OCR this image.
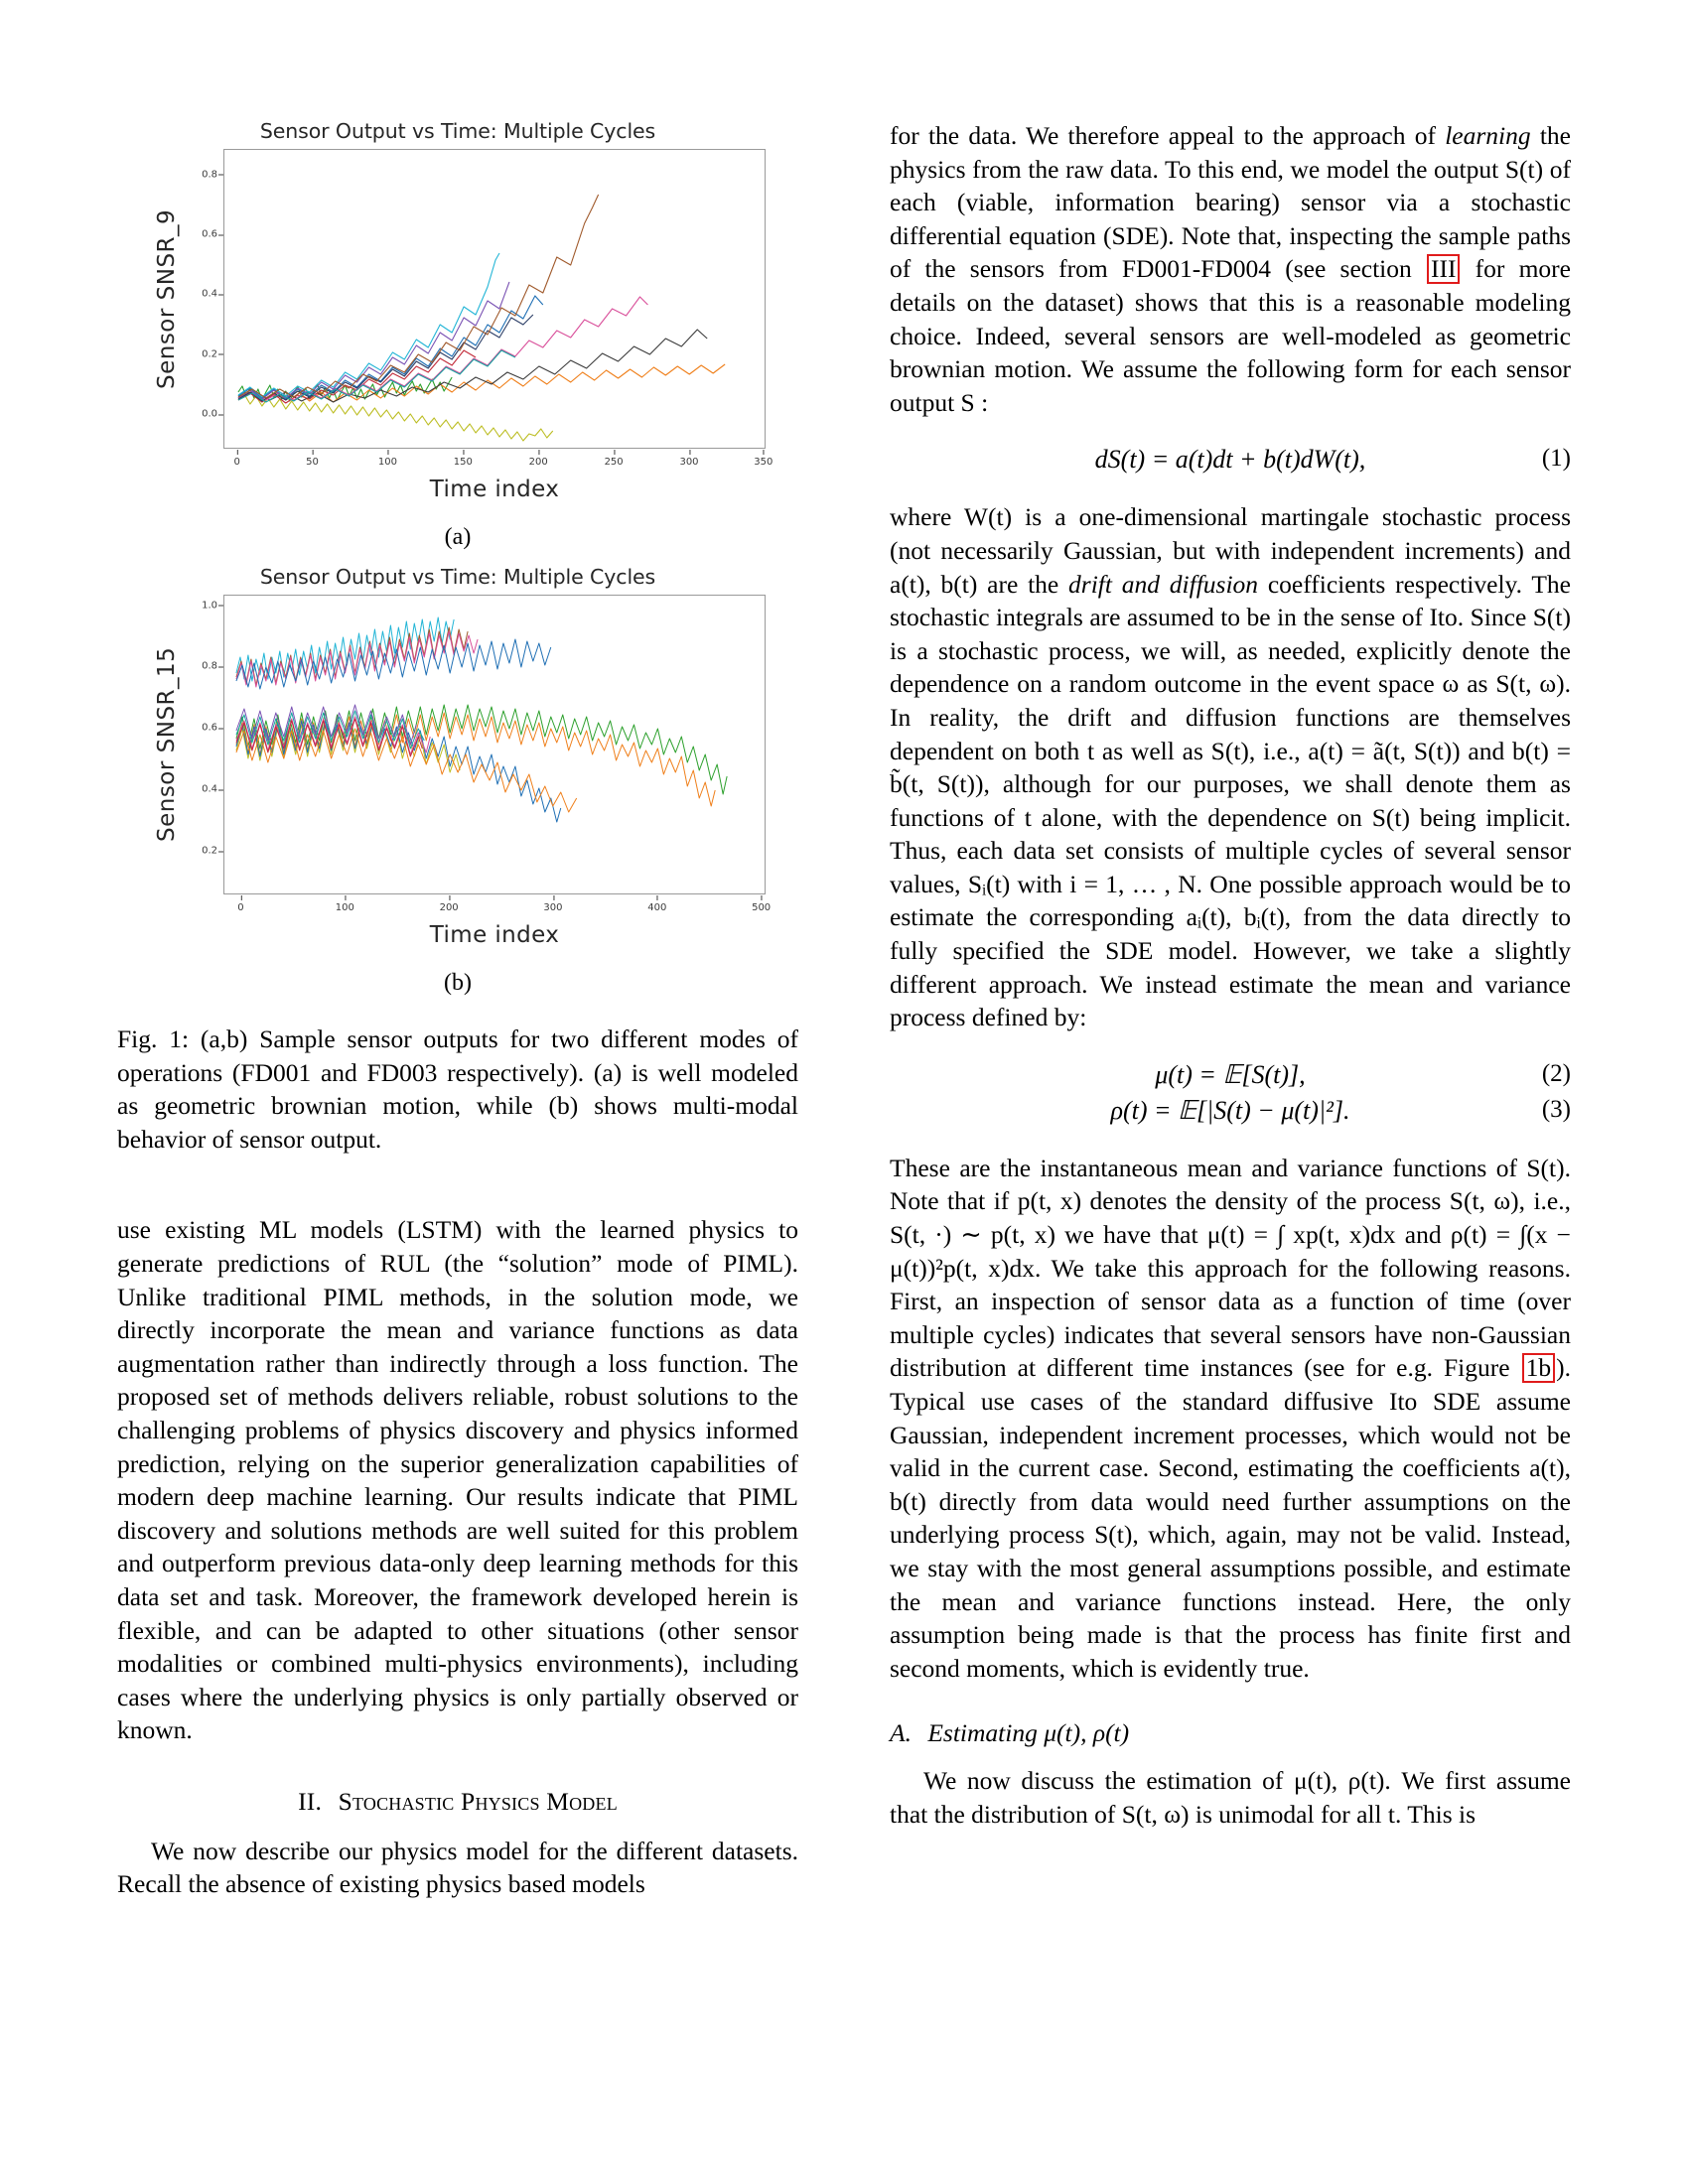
Sensor Output vs Time: Multiple Cycles
Sensor SNSR_9
0.0
0.2
0.4
0.6
0.8
0	50	100	150	200	250	300	350
Time index
(a)
Sensor Output vs Time: Multiple Cycles
Sensor SNSR_15
0.2
0.4
0.6
0.8
1.0
0	100	200	300	400	500
Time index
(b)
Fig. 1: (a,b) Sample sensor outputs for two different modes of operations (FD001 and FD003 respectively). (a) is well modeled as geometric brownian motion, while (b) shows multi-modal behavior of sensor output.

use existing ML models (LSTM) with the learned physics to generate predictions of RUL (the “solution” mode of PIML). Unlike traditional PIML methods, in the solution mode, we directly incorporate the mean and variance functions as data augmentation rather than indirectly through a loss function. The proposed set of methods delivers reliable, robust solutions to the challenging problems of physics discovery and physics informed prediction, relying on the superior generalization capabilities of modern deep machine learning. Our results indicate that PIML discovery and solutions methods are well suited for this problem and outperform previous data-only deep learning methods for this data set and task. Moreover, the framework developed herein is flexible, and can be adapted to other situations (other sensor modalities or combined multi-physics environments), including cases where the underlying physics is only partially observed or known.

II. Stochastic Physics Model

We now describe our physics model for the different datasets. Recall the absence of existing physics based models

for the data. We therefore appeal to the approach of learning the physics from the raw data. To this end, we model the output S(t) of each (viable, information bearing) sensor via a stochastic differential equation (SDE). Note that, inspecting the sample paths of the sensors from FD001-FD004 (see section III for more details on the dataset) shows that this is a reasonable modeling choice. Indeed, several sensors are well-modeled as geometric brownian motion. We assume the following form for each sensor output S :

dS(t) = a(t)dt + b(t)dW(t),	(1)

where W(t) is a one-dimensional martingale stochastic process (not necessarily Gaussian, but with independent increments) and a(t), b(t) are the drift and diffusion coefficients respectively. The stochastic integrals are assumed to be in the sense of Ito. Since S(t) is a stochastic process, we will, as needed, explicitly denote the dependence on a random outcome in the event space ω as S(t, ω). In reality, the drift and diffusion functions are themselves dependent on both t as well as S(t), i.e., a(t) = ã(t, S(t)) and b(t) = b̃(t, S(t)), although for our purposes, we shall denote them as functions of t alone, with the dependence on S(t) being implicit. Thus, each data set consists of multiple cycles of several sensor values, Sᵢ(t) with i = 1, … , N. One possible approach would be to estimate the corresponding aᵢ(t), bᵢ(t), from the data directly to fully specified the SDE model. However, we take a slightly different approach. We instead estimate the mean and variance process defined by:

μ(t) = 𝔼[S(t)],	(2)
ρ(t) = 𝔼[|S(t) − μ(t)|²].	(3)

These are the instantaneous mean and variance functions of S(t). Note that if p(t, x) denotes the density of the process S(t, ω), i.e., S(t, ·) ∼ p(t, x) we have that μ(t) = ∫ xp(t, x)dx and ρ(t) = ∫(x − μ(t))²p(t, x)dx. We take this approach for the following reasons. First, an inspection of sensor data as a function of time (over multiple cycles) indicates that several sensors have non-Gaussian distribution at different time instances (see for e.g. Figure 1b ). Typical use cases of the standard diffusive Ito SDE assume Gaussian, independent increment processes, which would not be valid in the current case. Second, estimating the coefficients a(t), b(t) directly from data would need further assumptions on the underlying process S(t), which, again, may not be valid. Instead, we stay with the most general assumptions possible, and estimate the mean and variance functions instead. Here, the only assumption being made is that the process has finite first and second moments, which is evidently true.

A. Estimating μ(t), ρ(t)

We now discuss the estimation of μ(t), ρ(t). We first assume that the distribution of S(t, ω) is unimodal for all t. This is
